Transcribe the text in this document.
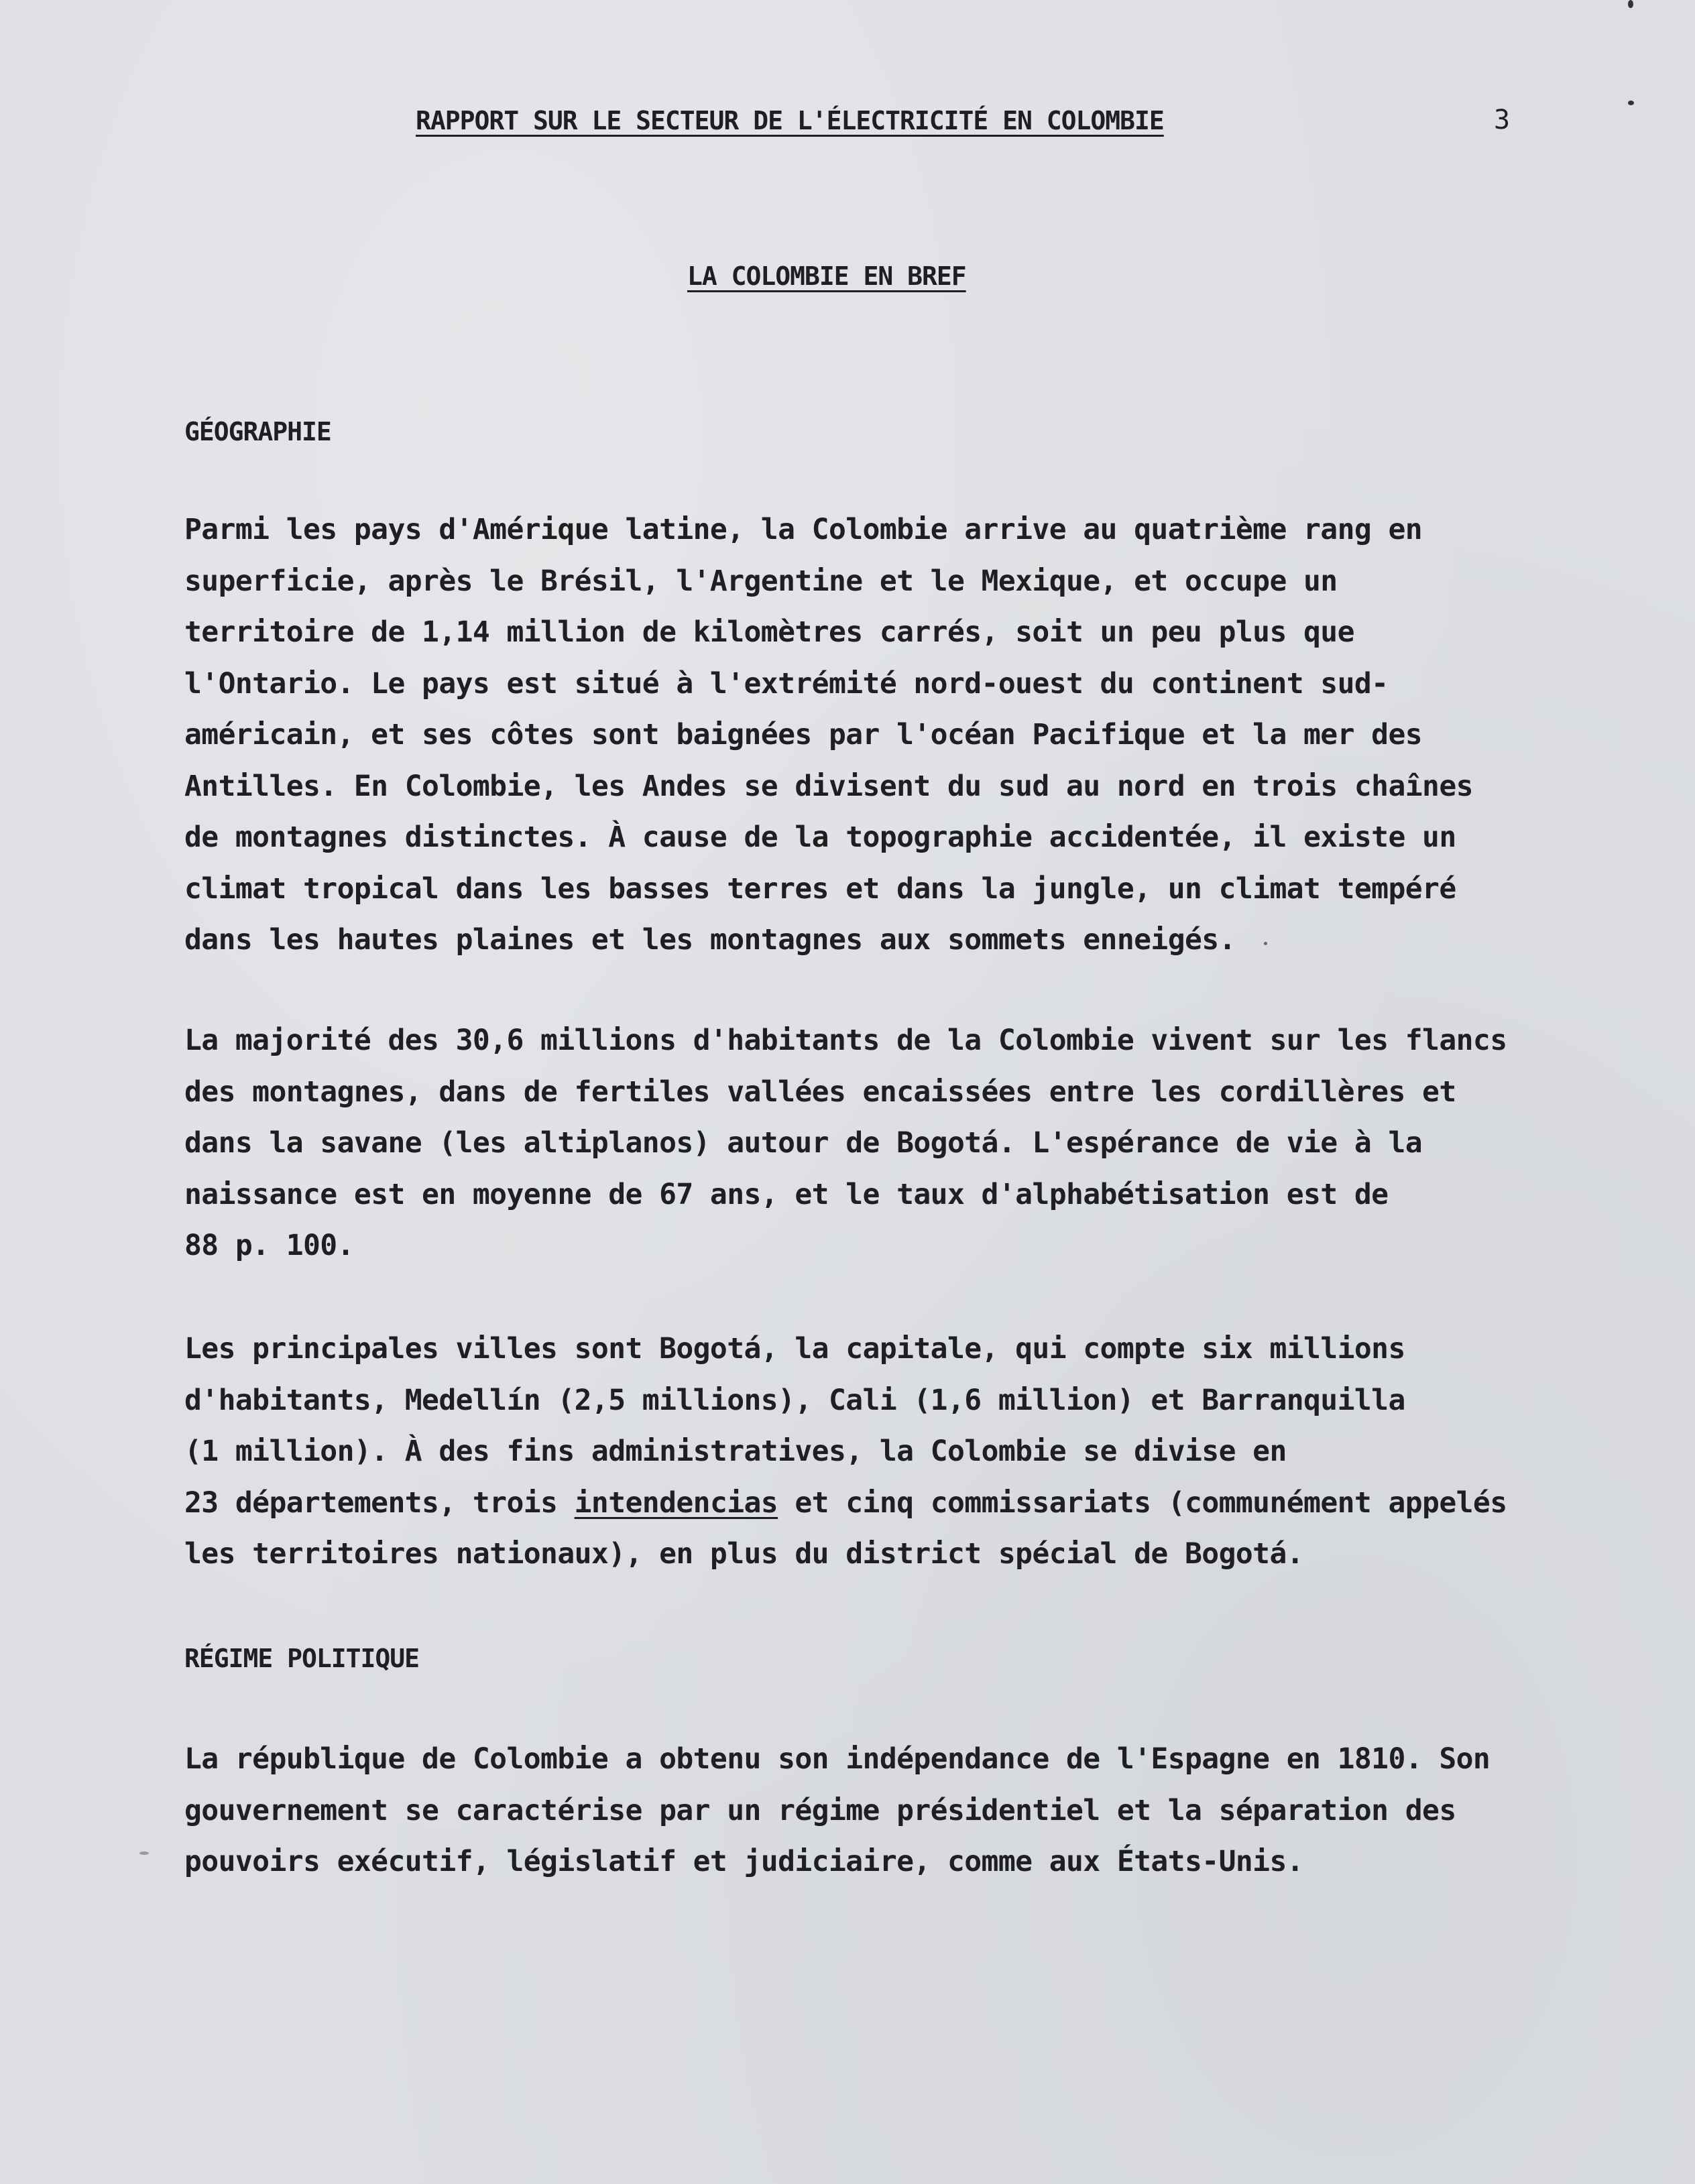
RAPPORT SUR LE SECTEUR DE L'ÉLECTRICITÉ EN COLOMBIE	3
LA COLOMBIE EN BREF
GÉOGRAPHIE

Parmi les pays d'Amérique latine, la Colombie arrive au quatrième rang en
superficie, après le Brésil, l'Argentine et le Mexique, et occupe un
territoire de 1,14 million de kilomètres carrés, soit un peu plus que
l'Ontario. Le pays est situé à l'extrémité nord-ouest du continent sud-
américain, et ses côtes sont baignées par l'océan Pacifique et la mer des
Antilles. En Colombie, les Andes se divisent du sud au nord en trois chaînes
de montagnes distinctes. À cause de la topographie accidentée, il existe un
climat tropical dans les basses terres et dans la jungle, un climat tempéré
dans les hautes plaines et les montagnes aux sommets enneigés.

La majorité des 30,6 millions d'habitants de la Colombie vivent sur les flancs
des montagnes, dans de fertiles vallées encaissées entre les cordillères et
dans la savane (les altiplanos) autour de Bogotá. L'espérance de vie à la
naissance est en moyenne de 67 ans, et le taux d'alphabétisation est de
88 p. 100.

Les principales villes sont Bogotá, la capitale, qui compte six millions
d'habitants, Medellín (2,5 millions), Cali (1,6 million) et Barranquilla
(1 million). À des fins administratives, la Colombie se divise en
23 départements, trois intendencias et cinq commissariats (communément appelés
les territoires nationaux), en plus du district spécial de Bogotá.

RÉGIME POLITIQUE

La république de Colombie a obtenu son indépendance de l'Espagne en 1810. Son
gouvernement se caractérise par un régime présidentiel et la séparation des
pouvoirs exécutif, législatif et judiciaire, comme aux États-Unis.
